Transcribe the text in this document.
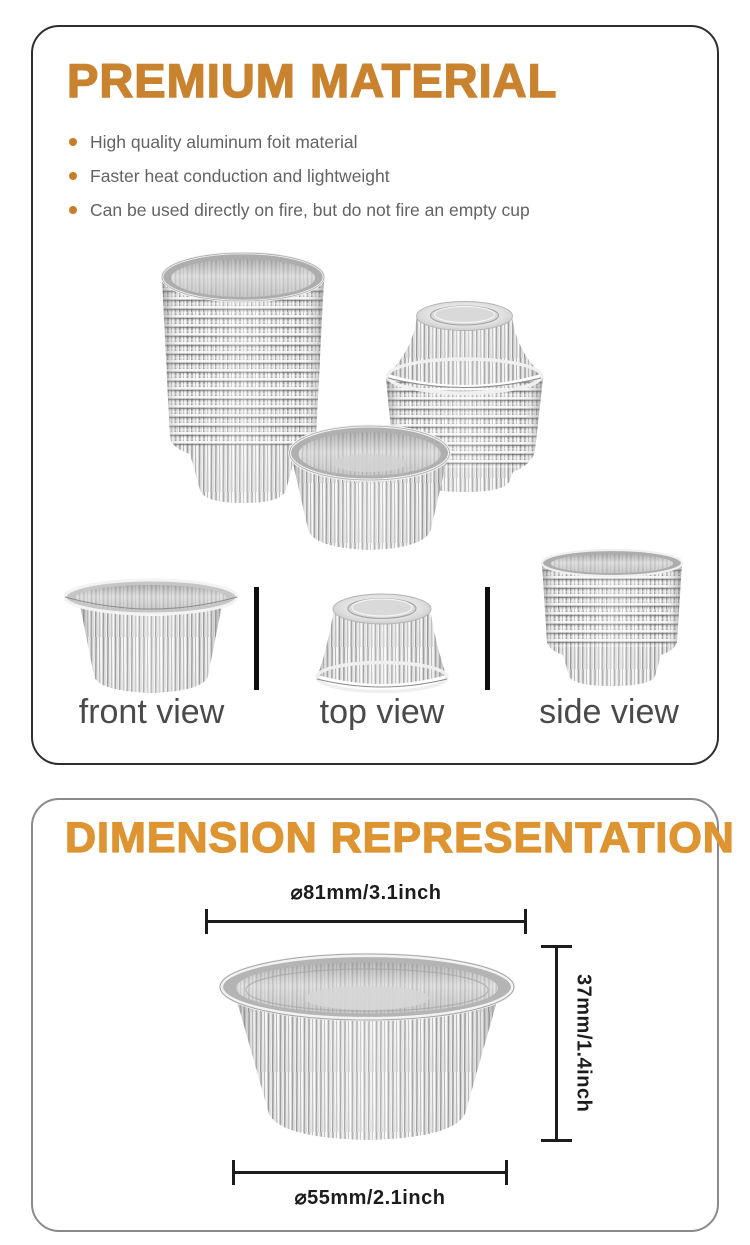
PREMIUM MATERIAL
High quality aluminum foit material
Faster heat conduction and lightweight
Can be used directly on fire, but do not fire an empty cup
front view	top view	side view
DIMENSION REPRESENTATION
⌀81mm/3.1inch
37mm/1.4inch
⌀55mm/2.1inch
